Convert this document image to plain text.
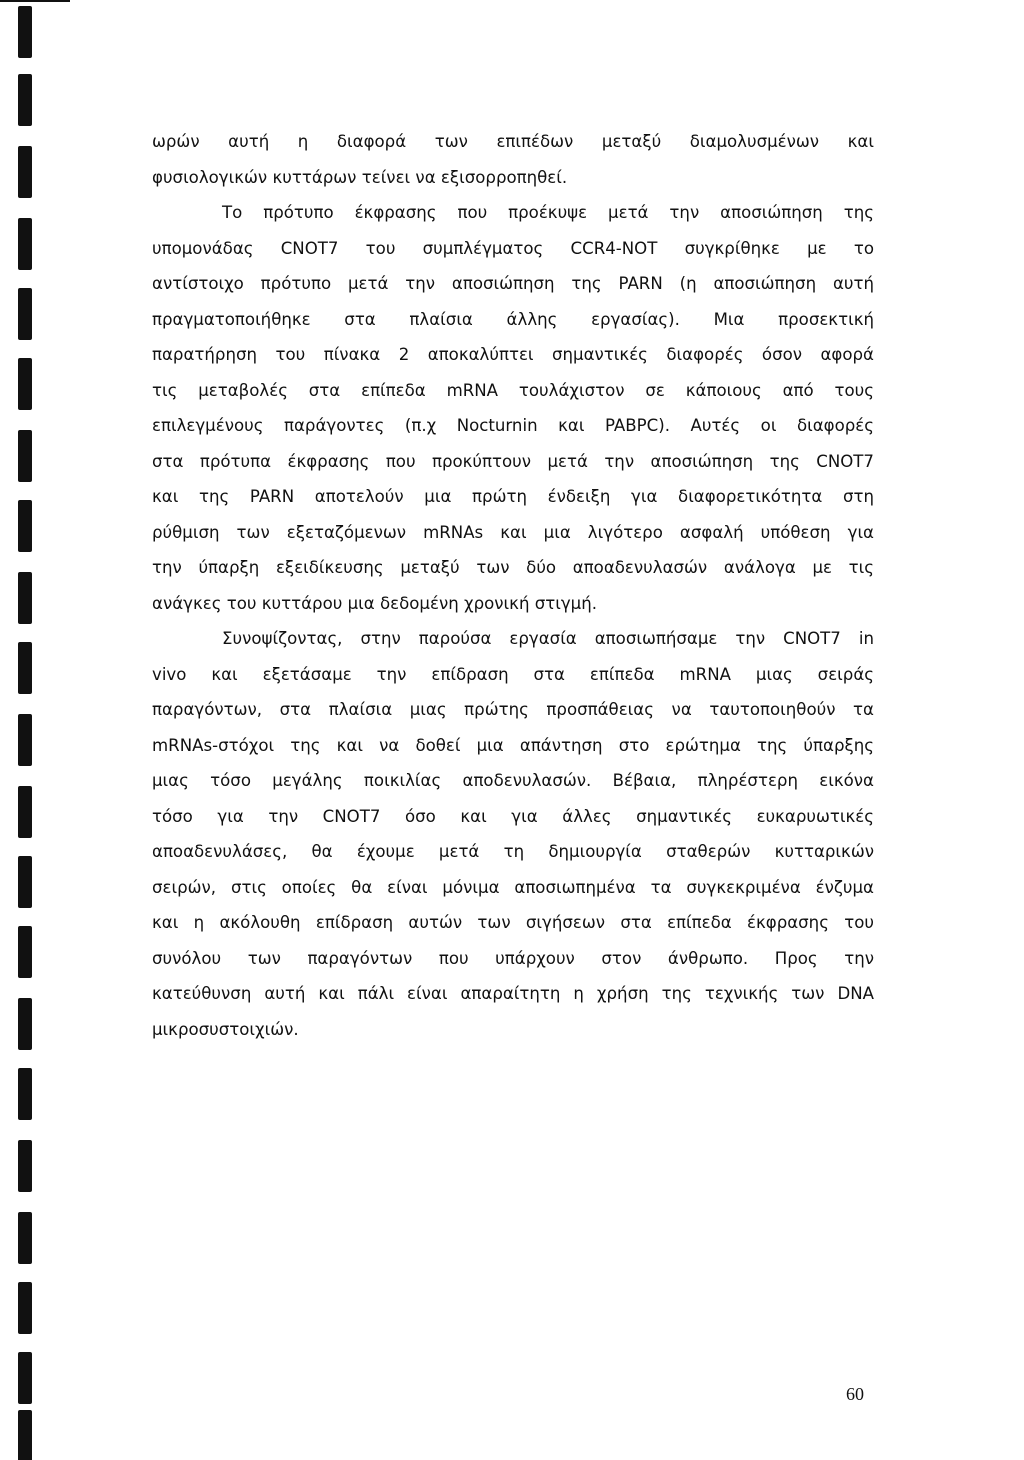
ωρών αυτή η διαφορά των επιπέδων μεταξύ διαμολυσμένων και
φυσιολογικών κυττάρων τείνει να εξισορροπηθεί.
Το πρότυπο έκφρασης που προέκυψε μετά την αποσιώπηση της
υπομονάδας CNOT7 του συμπλέγματος CCR4-NOT συγκρίθηκε με το
αντίστοιχο πρότυπο μετά την αποσιώπηση της PARN (η αποσιώπηση αυτή
πραγματοποιήθηκε στα πλαίσια άλλης εργασίας). Μια προσεκτική
παρατήρηση του πίνακα 2 αποκαλύπτει σημαντικές διαφορές όσον αφορά
τις μεταβολές στα επίπεδα mRNA τουλάχιστον σε κάποιους από τους
επιλεγμένους παράγοντες (π.χ Nocturnin και PABPC). Αυτές οι διαφορές
στα πρότυπα έκφρασης που προκύπτουν μετά την αποσιώπηση της CNOT7
και της PARN αποτελούν μια πρώτη ένδειξη για διαφορετικότητα στη
ρύθμιση των εξεταζόμενων mRNAs και μια λιγότερο ασφαλή υπόθεση για
την ύπαρξη εξειδίκευσης μεταξύ των δύο αποαδενυλασών ανάλογα με τις
ανάγκες του κυττάρου μια δεδομένη χρονική στιγμή.
Συνοψίζοντας, στην παρούσα εργασία αποσιωπήσαμε την CNOT7 in
vivo και εξετάσαμε την επίδραση στα επίπεδα mRNA μιας σειράς
παραγόντων, στα πλαίσια μιας πρώτης προσπάθειας να ταυτοποιηθούν τα
mRNAs-στόχοι της και να δοθεί μια απάντηση στο ερώτημα της ύπαρξης
μιας τόσο μεγάλης ποικιλίας αποδενυλασών. Βέβαια, πληρέστερη εικόνα
τόσο για την CNOT7 όσο και για άλλες σημαντικές ευκαρυωτικές
αποαδενυλάσες, θα έχουμε μετά τη δημιουργία σταθερών κυτταρικών
σειρών, στις οποίες θα είναι μόνιμα αποσιωπημένα τα συγκεκριμένα ένζυμα
και η ακόλουθη επίδραση αυτών των σιγήσεων στα επίπεδα έκφρασης του
συνόλου των παραγόντων που υπάρχουν στον άνθρωπο. Προς την
κατεύθυνση αυτή και πάλι είναι απαραίτητη η χρήση της τεχνικής των DNA
μικροσυστοιχιών.
60
